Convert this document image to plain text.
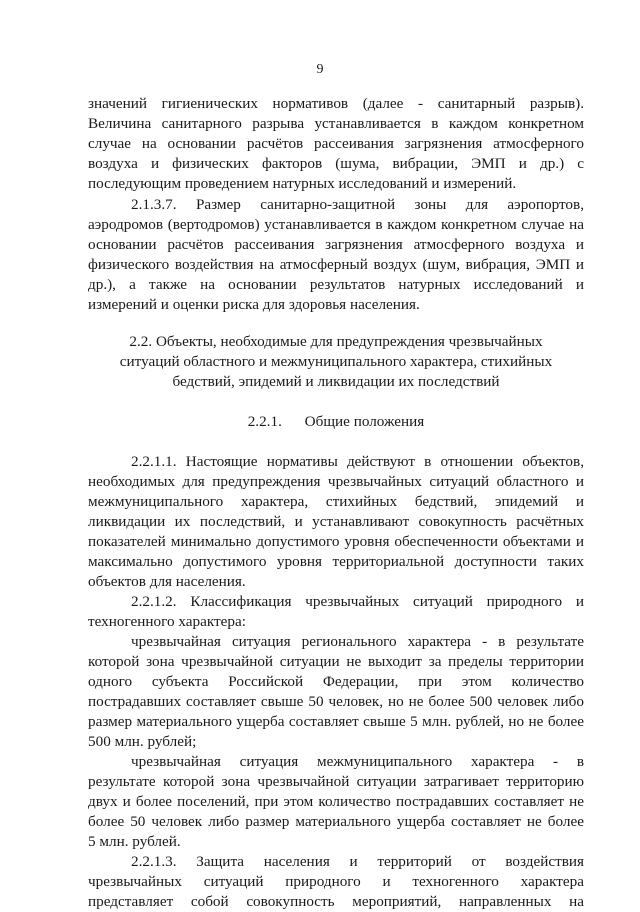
9
значений гигиенических нормативов (далее - санитарный разрыв).
Величина санитарного разрыва устанавливается в каждом конкретном
случае на основании расчётов рассеивания загрязнения атмосферного
воздуха и физических факторов (шума, вибрации, ЭМП и др.) с
последующим проведением натурных исследований и измерений.
2.1.3.7. Размер санитарно-защитной зоны для аэропортов,
аэродромов (вертодромов) устанавливается в каждом конкретном случае на
основании расчётов рассеивания загрязнения атмосферного воздуха и
физического воздействия на атмосферный воздух (шум, вибрация, ЭМП и
др.), а также на основании результатов натурных исследований и
измерений и оценки риска для здоровья населения.
2.2. Объекты, необходимые для предупреждения чрезвычайных
ситуаций областного и межмуниципального характера, стихийных
бедствий, эпидемий и ликвидации их последствий
2.2.1.      Общие положения
2.2.1.1. Настоящие нормативы действуют в отношении объектов,
необходимых для предупреждения чрезвычайных ситуаций областного и
межмуниципального характера, стихийных бедствий, эпидемий и
ликвидации их последствий, и устанавливают совокупность расчётных
показателей минимально допустимого уровня обеспеченности объектами и
максимально допустимого уровня территориальной доступности таких
объектов для населения.
2.2.1.2. Классификация чрезвычайных ситуаций природного и
техногенного характера:
чрезвычайная ситуация регионального характера - в результате
которой зона чрезвычайной ситуации не выходит за пределы территории
одного субъекта Российской Федерации, при этом количество
пострадавших составляет свыше 50 человек, но не более 500 человек либо
размер материального ущерба составляет свыше 5 млн. рублей, но не более
500 млн. рублей;
чрезвычайная ситуация межмуниципального характера - в
результате которой зона чрезвычайной ситуации затрагивает территорию
двух и более поселений, при этом количество пострадавших составляет не
более 50 человек либо размер материального ущерба составляет не более
5 млн. рублей.
2.2.1.3. Защита населения и территорий от воздействия
чрезвычайных ситуаций природного и техногенного характера
представляет собой совокупность мероприятий, направленных на
